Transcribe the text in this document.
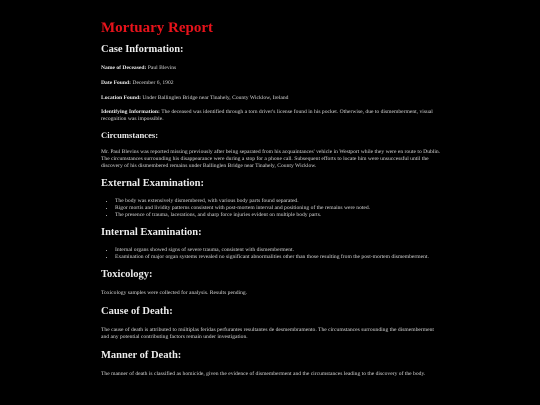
Mortuary Report
Case Information:

Name of Deceased: Paul Blevins

Date Found: December 6, 1902

Location Found: Under Ballinglen Bridge near Tinahely, County Wicklow, Ireland

Identifying Information: The deceased was identified through a torn driver's license found in his pocket. Otherwise, due to dismemberment, visual recognition was impossible.

Circumstances:

Mr. Paul Blevins was reported missing previously after being separated from his acquaintances' vehicle in Westport while they were en route to Dublin. The circumstances surrounding his disappearance were during a stop for a phone call. Subsequent efforts to locate him were unsuccessful until the discovery of his dismembered remains under Ballinglen Bridge near Tinahely, County Wicklow.

External Examination:
• The body was extensively dismembered, with various body parts found separated.
• Rigor mortis and lividity patterns consistent with post-mortem interval and positioning of the remains were noted.
• The presence of trauma, lacerations, and sharp force injuries evident on multiple body parts.
Internal Examination:
• Internal organs showed signs of severe trauma, consistent with dismemberment.
• Examination of major organ systems revealed no significant abnormalities other than those resulting from the post-mortem dismemberment.
Toxicology:

Toxicology samples were collected for analysis. Results pending.

Cause of Death:

The cause of death is attributed to múltiplas feridas perfurantes resultantes de desmembramento. The circumstances surrounding the dismemberment and any potential contributing factors remain under investigation.

Manner of Death:

The manner of death is classified as homicide, given the evidence of dismemberment and the circumstances leading to the discovery of the body.
